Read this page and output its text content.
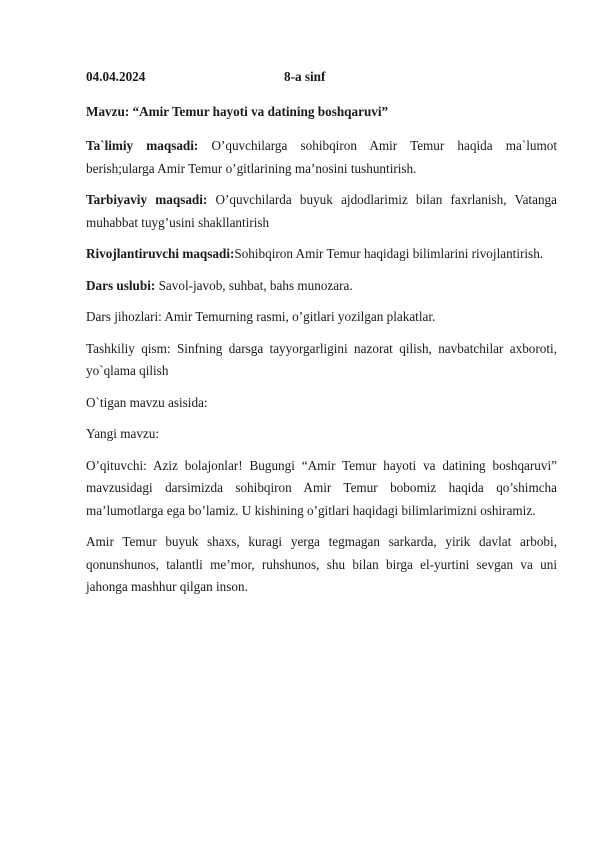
04.04.2024	8-a sinf

Mavzu: “Amir Temur hayoti va datining boshqaruvi”

Ta`limiy maqsadi: O’quvchilarga sohibqiron Amir Temur haqida ma`lumot berish;ularga Amir Temur o’gitlarining ma’nosini tushuntirish.

Tarbiyaviy maqsadi: O’quvchilarda buyuk ajdodlarimiz bilan faxrlanish, Vatanga muhabbat tuyg’usini shakllantirish

Rivojlantiruvchi maqsadi:Sohibqiron Amir Temur haqidagi bilimlarini rivojlantirish.

Dars uslubi: Savol-javob, suhbat, bahs munozara.

Dars jihozlari: Amir Temurning rasmi, o’gitlari yozilgan plakatlar.

Tashkiliy qism: Sinfning darsga tayyorgarligini nazorat qilish, navbatchilar axboroti, yo`qlama qilish

O`tigan mavzu asisida:

Yangi mavzu:

O’qituvchi: Aziz bolajonlar! Bugungi “Amir Temur hayoti va datining boshqaruvi” mavzusidagi darsimizda sohibqiron Amir Temur bobomiz haqida qo’shimcha ma’lumotlarga ega bo’lamiz. U kishining o’gitlari haqidagi bilimlarimizni oshiramiz.

Amir Temur buyuk shaxs, kuragi yerga tegmagan sarkarda, yirik davlat arbobi, qonunshunos, talantli me’mor, ruhshunos, shu bilan birga el-yurtini sevgan va uni jahonga mashhur qilgan inson.
